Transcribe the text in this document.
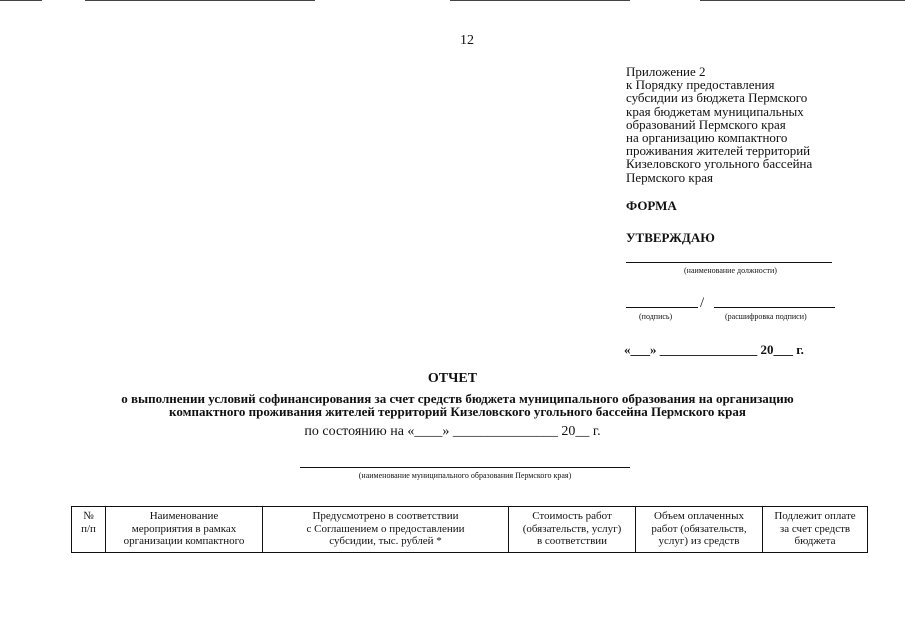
12
Приложение 2
к Порядку предоставления
субсидии из бюджета Пермского
края бюджетам муниципальных
образований Пермского края
на организацию компактного
проживания жителей территорий
Кизеловского угольного бассейна
Пермского края
ФОРМА
УТВЕРЖДАЮ
(наименование должности)
/
(подпись)	(расшифровка подписи)
«___» _______________ 20___ г.
ОТЧЕТ
о выполнении условий софинансирования за счет средств бюджета муниципального образования на организацию
компактного проживания жителей территорий Кизеловского угольного бассейна Пермского края
по состоянию на «____» _______________ 20__ г.
(наименование муниципального образования Пермского края)
№
п/п

Наименование
мероприятия в рамках
организации компактного

Предусмотрено в соответствии
с Соглашением о предоставлении
субсидии, тыс. рублей *

Стоимость работ
(обязательств, услуг)
в соответствии

Объем оплаченных
работ (обязательств,
услуг) из средств

Подлежит оплате
за счет средств
бюджета
